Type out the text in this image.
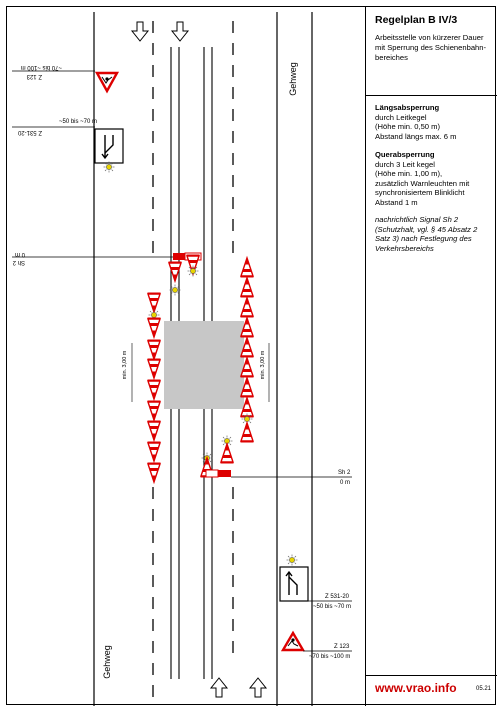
Gehweg
Gehweg
Z 123
~70 bis ~100 m
Z 531-20
~50 bis ~70 m
Sh 2
0 m
min. 3,00 m	min. 3,00 m
Sh 2
0 m
Z 531-20
~50 bis ~70 m
Z 123
~70 bis ~100 m
Regelplan B IV/3
Arbeitsstelle von kürzerer Dauer mit Sperrung des Schienenbahn-bereiches
Längsabsperrung
durch Leitkegel
(Höhe min. 0,50 m)
Abstand längs max. 6 m
Querabsperrung
durch 3 Leit kegel
(Höhe min. 1,00 m),
zusätzlich Warnleuchten mit
synchronisiertem Blinklicht
Abstand 1 m
nachrichtlich Signal Sh 2
(Schutzhalt, vgl. § 45 Absatz 2
Satz 3) nach Festlegung des
Verkehrsbereichs
www.vrao.info	05.21
